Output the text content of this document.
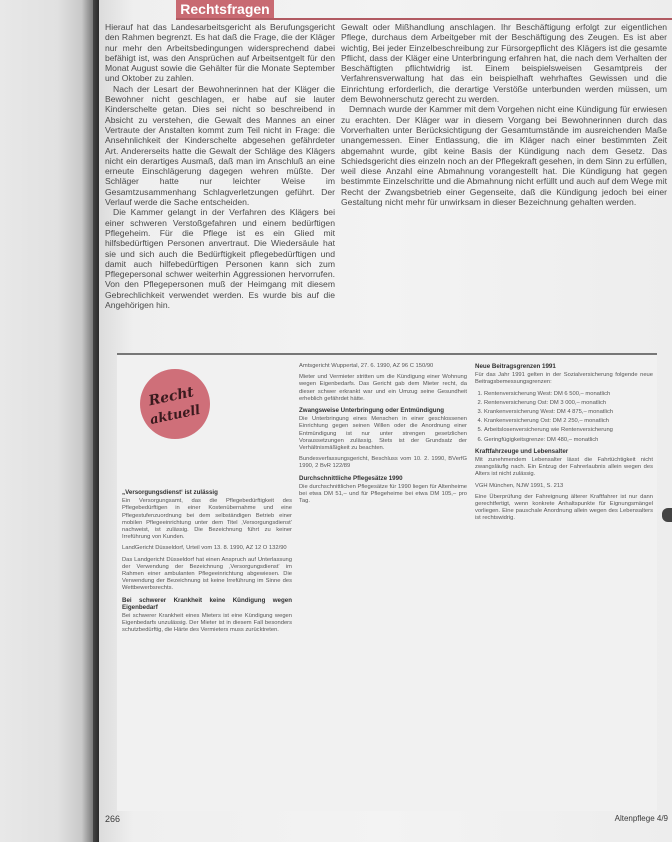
Rechtsfragen

Hierauf hat das Landesarbeitsgericht als Berufungsgericht den Rahmen begrenzt. Es hat daß die Frage, die der Kläger nur mehr den Arbeitsbedingungen widersprechend dabei befähigt ist, was den Ansprüchen auf Arbeitsentgelt für den Monat August sowie die Gehälter für die Monate September und Oktober zu zahlen.

Nach der Lesart der Bewohnerinnen hat der Kläger die Bewohner nicht geschlagen, er habe auf sie lauter Kinderschelte getan. Dies sei nicht so beschreibend in Absicht zu verstehen, die Gewalt des Mannes an einer Vertraute der Anstalten kommt zum Teil nicht in Frage: die Ansehnlichkeit der Kinderschelte abgesehen gefährdeter Art. Andererseits hatte die Gewalt der Schläge des Klägers nicht ein derartiges Ausmaß, daß man im Anschluß an eine erneute Einschlägerung dagegen wehren müßte. Der Schläger hatte nur leichter Weise im Gesamtzusammenhang Schlagverletzungen geführt. Der Verlauf werde die Sache entscheiden.

Die Kammer gelangt in der Verfahren des Klägers bei einer schweren Verstoßgefahren und einem bedürftigen Pflegeheim. Für die Pflege ist es ein Glied mit hilfsbedürftigen Personen anvertraut. Die Wiedersäule hat sie und sich auch die Bedürftigkeit pflegebedürftigen und damit auch hilfebedürftigen Personen kann sich zum Pflegepersonal schwer weiterhin Aggressionen hervorrufen. Von den Pflegepersonen muß der Heimgang mit diesem Gebrechlichkeit verwendet werden. Es wurde bis auf die Angehörigen hin.

Gewalt oder Mißhandlung anschlagen. Ihr Beschäftigung erfolgt zur eigentlichen Pflege, durchaus dem Arbeitgeber mit der Beschäftigung des Zeugen. Es ist aber wichtig, Bei jeder Einzelbeschreibung zur Fürsorgepflicht des Klägers ist die gesamte Pflicht, dass der Kläger eine Unterbringung erfahren hat, die nach dem Verhalten der Beschäftigten pflichtwidrig ist. Einem beispielsweisen Gesamtpreis der Verfahrensverwaltung hat das ein beispielhaft wehrhaftes Gewissen und die Einrichtung erforderlich, die derartige Verstöße unterbunden werden müssen, um dem Bewohnerschutz gerecht zu werden.

Demnach wurde der Kammer mit dem Vorgehen nicht eine Kündigung für erwiesen zu erachten. Der Kläger war in diesem Vorgang bei Bewohnerinnen durch das Vorverhalten unter Berücksichtigung der Gesamtumstände im ausreichenden Maße unangemessen. Einer Entlassung, die im Kläger nach einer bestimmten Zeit abgemahnt wurde, gibt keine Basis der Kündigung nach dem Gesetz. Das Schiedsgericht dies einzeln noch an der Pflegekraft gesehen, in dem Sinn zu erfüllen, weil diese Anzahl eine Abmahnung vorangestellt hat. Die Kündigung hat gegen bestimmte Einzelschritte und die Abmahnung nicht erfüllt und auch auf dem Wege mit Recht der Zwangsbetrieb einer Gegenseite, daß die Kündigung jedoch bei einer Gestaltung nicht mehr für unwirksam in dieser Bezeichnung gehalten werden.

Recht
aktuell

„Versorgungsdienst‘ ist zulässig

Ein Versorgungsamt, das die Pflegebedürftigkeit des Pflegebedürftigen in einer Kostenübernahme und eine Pflegestufenzuordnung bei dem selbständigen Betrieb einer mobilen Pflegeeinrichtung unter dem Titel ‚Versorgungsdienst‘ nachweist, ist zulässig. Die Bezeichnung führt zu keiner Irreführung von Kunden.

LandGericht Düsseldorf, Urteil vom 13. 8. 1990, AZ 12 O 132/90

Das Landgericht Düsseldorf hat einen Anspruch auf Unterlassung der Verwendung der Bezeichnung ‚Versorgungsdienst‘ im Rahmen einer ambulanten Pflegeeinrichtung abgewiesen. Die Verwendung der Bezeichnung ist keine Irreführung im Sinne des Wettbewerbsrechts.

Bei schwerer Krankheit keine Kündigung wegen Eigenbedarf

Bei schwerer Krankheit eines Mieters ist eine Kündigung wegen Eigenbedarfs unzulässig. Der Mieter ist in diesem Fall besonders schutzbedürftig, die Härte des Vermieters muss zurücktreten.

Amtsgericht Wuppertal, 27. 6. 1990, AZ 96 C 150/90

Mieter und Vermieter stritten um die Kündigung einer Wohnung wegen Eigenbedarfs. Das Gericht gab dem Mieter recht, da dieser schwer erkrankt war und ein Umzug seine Gesundheit erheblich gefährdet hätte.

Zwangsweise Unterbringung oder Entmündigung

Die Unterbringung eines Menschen in einer geschlossenen Einrichtung gegen seinen Willen oder die Anordnung einer Entmündigung ist nur unter strengen gesetzlichen Voraussetzungen zulässig. Stets ist der Grundsatz der Verhältnismäßigkeit zu beachten.

Bundesverfassungsgericht, Beschluss vom 10. 2. 1990, BVerfG 1990, 2 BvR 122/89

Durchschnittliche Pflegesätze 1990

Die durchschnittlichen Pflegesätze für 1990 liegen für Altenheime bei etwa DM 51,– und für Pflegeheime bei etwa DM 105,– pro Tag.

Neue Beitragsgrenzen 1991

Für das Jahr 1991 gelten in der Sozialversicherung folgende neue Beitragsbemessungsgrenzen:

1. Rentenversicherung West: DM 6 500,– monatlich
2. Rentenversicherung Ost: DM 3 000,– monatlich
3. Krankenversicherung West: DM 4 875,– monatlich
4. Krankenversicherung Ost: DM 2 250,– monatlich
5. Arbeitslosenversicherung wie Rentenversicherung
6. Geringfügigkeitsgrenze: DM 480,– monatlich

Kraftfahrzeuge und Lebensalter

Mit zunehmendem Lebensalter lässt die Fahrtüchtigkeit nicht zwangsläufig nach. Ein Entzug der Fahrerlaubnis allein wegen des Alters ist nicht zulässig.

VGH München, NJW 1991, S. 213

Eine Überprüfung der Fahreignung älterer Kraftfahrer ist nur dann gerechtfertigt, wenn konkrete Anhaltspunkte für Eignungsmängel vorliegen. Eine pauschale Anordnung allein wegen des Lebensalters ist rechtswidrig.

266	Altenpflege 4/9
